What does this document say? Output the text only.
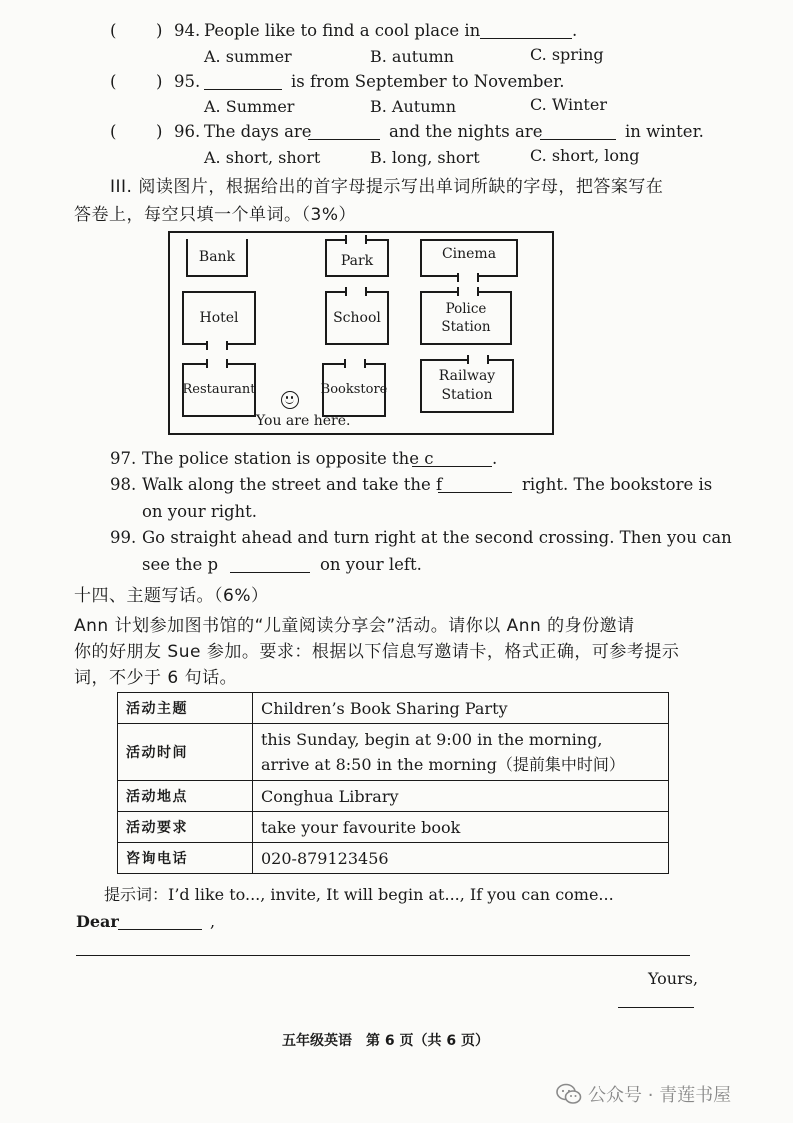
( ) 94. People like to find a cool place in	.
A. summer	B. autumn	C. spring
( ) 95.	is from September to November.
A. Summer	B. Autumn	C. Winter
( ) 96. The days are	and the nights are	in winter.
A. short, short	B. long, short	C. short, long
III. 阅读图片，根据给出的首字母提示写出单词所缺的字母，把答案写在
答卷上，每空只填一个单词。（3%）
Bank	Park	Cinema
Hotel	School
Police Station
Restaurant	Bookstore
Railway
Station
You are here.
97. The police station is opposite the c	.
98. Walk along the street and take the f	right. The bookstore is
on your right.
99. Go straight ahead and turn right at the second crossing. Then you can
see the p	on your left.
十四、主题写话。（6%）
Ann 计划参加图书馆的“儿童阅读分享会”活动。请你以 Ann 的身份邀请
你的好朋友 Sue 参加。要求：根据以下信息写邀请卡，格式正确，可参考提示
词，不少于 6 句话。
活动主题	Children’s Book Sharing Party
活动时间	this Sunday, begin at 9:00 in the morning,
arrive at 8:50 in the morning（提前集中时间）

活动地点	Conghua Library
活动要求	take your favourite book
咨询电话	020-879123456
提示词：I’d like to..., invite, It will begin at..., If you can come...
Dear	,
Yours,
五年级英语　第 6 页（共 6 页）
公众号 · 青莲书屋
